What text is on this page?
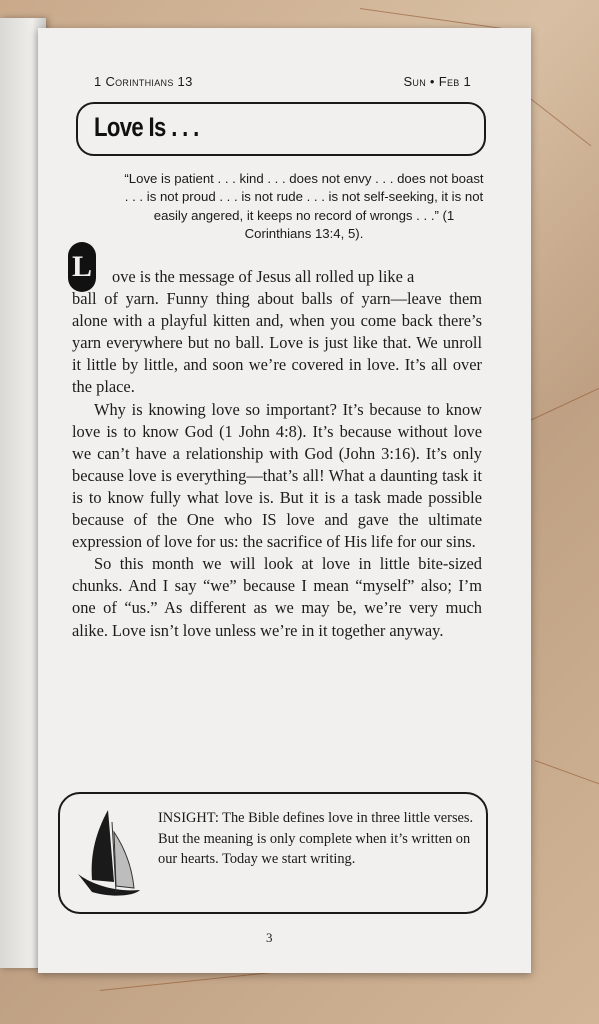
1 Corinthians 13	Sun • Feb 1
Love Is . . .
“Love is patient . . . kind . . . does not envy . . . does not boast . . . is not proud . . . is not rude . . . is not self-seeking, it is not easily angered, it keeps no record of wrongs . . .” (1 Corinthians 13:4, 5).
L	ove is the message of Jesus all rolled up like a
ball of yarn. Funny thing about balls of yarn—leave them alone with a playful kitten and, when you come back there’s yarn everywhere but no ball. Love is just like that. We unroll it little by little, and soon we’re covered in love. It’s all over the place.

Why is knowing love so important? It’s because to know love is to know God (1 John 4:8). It’s because without love we can’t have a relationship with God (John 3:16). It’s only because love is everything—that’s all! What a daunting task it is to know fully what love is. But it is a task made possible because of the One who IS love and gave the ultimate expression of love for us: the sacrifice of His life for our sins.

So this month we will look at love in little bite-sized chunks. And I say “we” because I mean “myself” also; I’m one of “us.” As different as we may be, we’re very much alike. Love isn’t love unless we’re in it together anyway.

INSIGHT: The Bible defines love in three little verses. But the meaning is only complete when it’s written on our hearts. Today we start writing.
3
